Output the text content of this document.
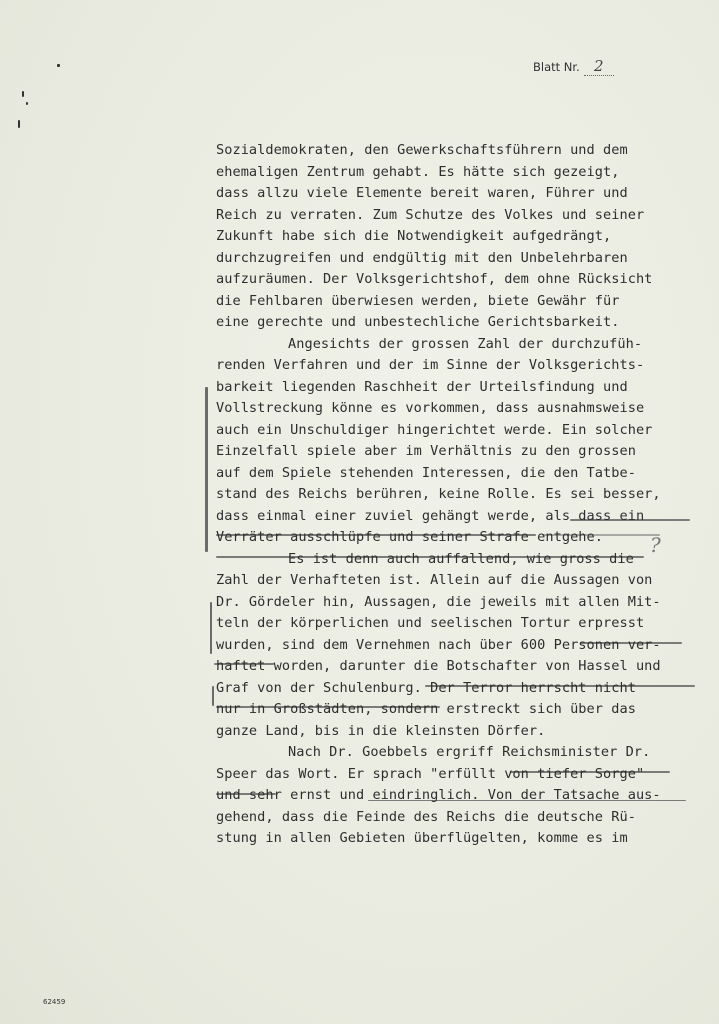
Blatt Nr. 2
?
Sozialdemokraten, den Gewerkschaftsführern und dem
ehemaligen Zentrum gehabt. Es hätte sich gezeigt,
dass allzu viele Elemente bereit waren, Führer und
Reich zu verraten. Zum Schutze des Volkes und seiner
Zukunft habe sich die Notwendigkeit aufgedrängt,
durchzugreifen und endgültig mit den Unbelehrbaren
aufzuräumen. Der Volksgerichtshof, dem ohne Rücksicht
die Fehlbaren überwiesen werden, biete Gewähr für
eine gerechte und unbestechliche Gerichtsbarkeit.
Angesichts der grossen Zahl der durchzufüh-
renden Verfahren und der im Sinne der Volksgerichts-
barkeit liegenden Raschheit der Urteilsfindung und
Vollstreckung könne es vorkommen, dass ausnahmsweise
auch ein Unschuldiger hingerichtet werde. Ein solcher
Einzelfall spiele aber im Verhältnis zu den grossen
auf dem Spiele stehenden Interessen, die den Tatbe-
stand des Reichs berühren, keine Rolle. Es sei besser,
dass einmal einer zuviel gehängt werde, als dass ein
Verräter ausschlüpfe und seiner Strafe entgehe.
Es ist denn auch auffallend, wie gross die
Zahl der Verhafteten ist. Allein auf die Aussagen von
Dr. Gördeler hin, Aussagen, die jeweils mit allen Mit-
teln der körperlichen und seelischen Tortur erpresst
wurden, sind dem Vernehmen nach über 600 Personen ver-
haftet worden, darunter die Botschafter von Hassel und
Graf von der Schulenburg. Der Terror herrscht nicht
nur in Großstädten, sondern erstreckt sich über das
ganze Land, bis in die kleinsten Dörfer.
Nach Dr. Goebbels ergriff Reichsminister Dr.
Speer das Wort. Er sprach "erfüllt von tiefer Sorge"
und sehr ernst und eindringlich. Von der Tatsache aus-
gehend, dass die Feinde des Reichs die deutsche Rü-
stung in allen Gebieten überflügelten, komme es im
62459
